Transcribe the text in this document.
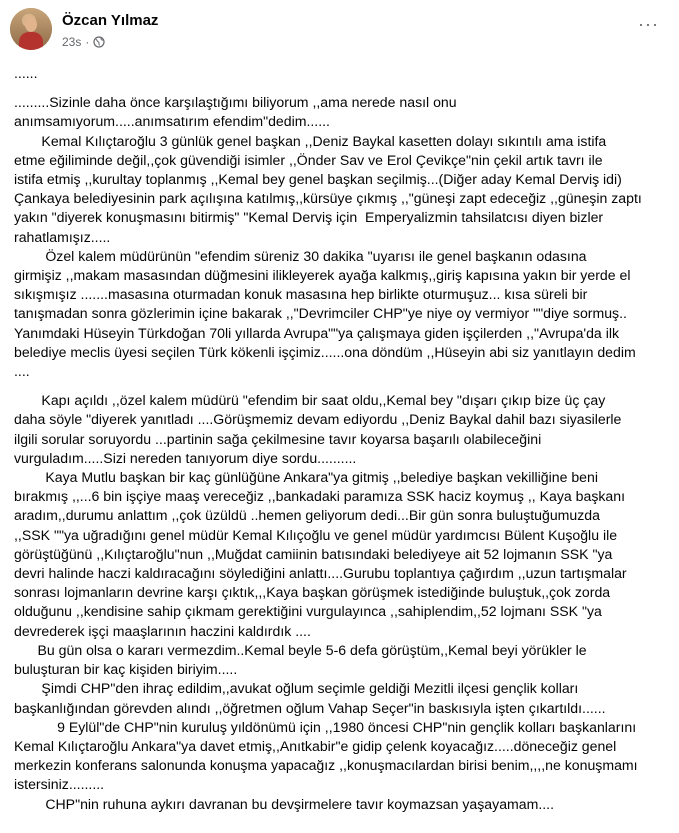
Özcan Yılmaz
23s ·
···
......
.........Sizinle daha önce karşılaştığımı biliyorum ,,ama nerede nasıl onu
anımsamıyorum.....anımsatırım efendim"dedim......
Kemal Kılıçtaroğlu 3 günlük genel başkan ,,Deniz Baykal kasetten dolayı sıkıntılı ama istifa
etme eğiliminde değil,,çok güvendiği isimler ,,Önder Sav ve Erol Çevikçe"nin çekil artık tavrı ile
istifa etmiş ,,kurultay toplanmış ,,Kemal bey genel başkan seçilmiş...(Diğer aday Kemal Derviş idi)
Çankaya belediyesinin park açılışına katılmış,,kürsüye çıkmış ,,"güneşi zapt edeceğiz ,,güneşin zaptı
yakın "diyerek konuşmasını bitirmiş" "Kemal Derviş için  Emperyalizmin tahsilatcısı diyen bizler
rahatlamışız.....
Özel kalem müdürünün "efendim süreniz 30 dakika "uyarısı ile genel başkanın odasına
girmişiz ,,makam masasından düğmesini ilikleyerek ayağa kalkmış,,giriş kapısına yakın bir yerde el
sıkışmışız .......masasına oturmadan konuk masasına hep birlikte oturmuşuz... kısa süreli bir
tanışmadan sonra gözlerimin içine bakarak ,,"Devrimciler CHP"ye niye oy vermiyor ""diye sormuş..
Yanımdaki Hüseyin Türkdoğan 70li yıllarda Avrupa""ya çalışmaya giden işçilerden ,,"Avrupa'da ilk
belediye meclis üyesi seçilen Türk kökenli işçimiz......ona döndüm ,,Hüseyin abi siz yanıtlayın dedim
....
Kapı açıldı ,,özel kalem müdürü "efendim bir saat oldu,,Kemal bey "dışarı çıkıp bize üç çay
daha söyle "diyerek yanıtladı ....Görüşmemiz devam ediyordu ,,Deniz Baykal dahil bazı siyasilerle
ilgili sorular soruyordu ...partinin sağa çekilmesine tavır koyarsa başarılı olabileceğini
vurguladım.....Sizi nereden tanıyorum diye sordu..........
Kaya Mutlu başkan bir kaç günlüğüne Ankara"ya gitmiş ,,belediye başkan vekilliğine beni
bırakmış ,,...6 bin işçiye maaş vereceğiz ,,bankadaki paramıza SSK haciz koymuş ,, Kaya başkanı
aradım,,durumu anlattım ,,çok üzüldü ..hemen geliyorum dedi...Bir gün sonra buluştuğumuzda
,,SSK ""ya uğradığını genel müdür Kemal Kılıçoğlu ve genel müdür yardımcısı Bülent Kuşoğlu ile
görüştüğünü ,,Kılıçtaroğlu"nun ,,Muğdat camiinin batısındaki belediyeye ait 52 lojmanın SSK "ya
devri halinde haczi kaldıracağını söylediğini anlattı....Gurubu toplantıya çağırdım ,,uzun tartışmalar
sonrası lojmanların devrine karşı çıktık,,,Kaya başkan görüşmek istediğinde buluştuk,,çok zorda
olduğunu ,,kendisine sahip çıkmam gerektiğini vurgulayınca ,,sahiplendim,,52 lojmanı SSK "ya
devrederek işçi maaşlarının haczini kaldırdık ....
Bu gün olsa o kararı vermezdim..Kemal beyle 5-6 defa görüştüm,,Kemal beyi yörükler le
buluşturan bir kaç kişiden biriyim.....
Şimdi CHP"den ihraç edildim,,avukat oğlum seçimle geldiği Mezitli ilçesi gençlik kolları
başkanlığından görevden alındı ,,öğretmen oğlum Vahap Seçer"in baskısıyla işten çıkartıldı......
9 Eylül"de CHP"nin kuruluş yıldönümü için ,,1980 öncesi CHP"nin gençlik kolları başkanlarını
Kemal Kılıçtaroğlu Ankara"ya davet etmiş,,Anıtkabir"e gidip çelenk koyacağız.....döneceğiz genel
merkezin konferans salonunda konuşma yapacağız ,,konuşmacılardan birisi benim,,,,ne konuşmamı
istersiniz.........
CHP"nin ruhuna aykırı davranan bu devşirmelere tavır koymazsan yaşayamam....
